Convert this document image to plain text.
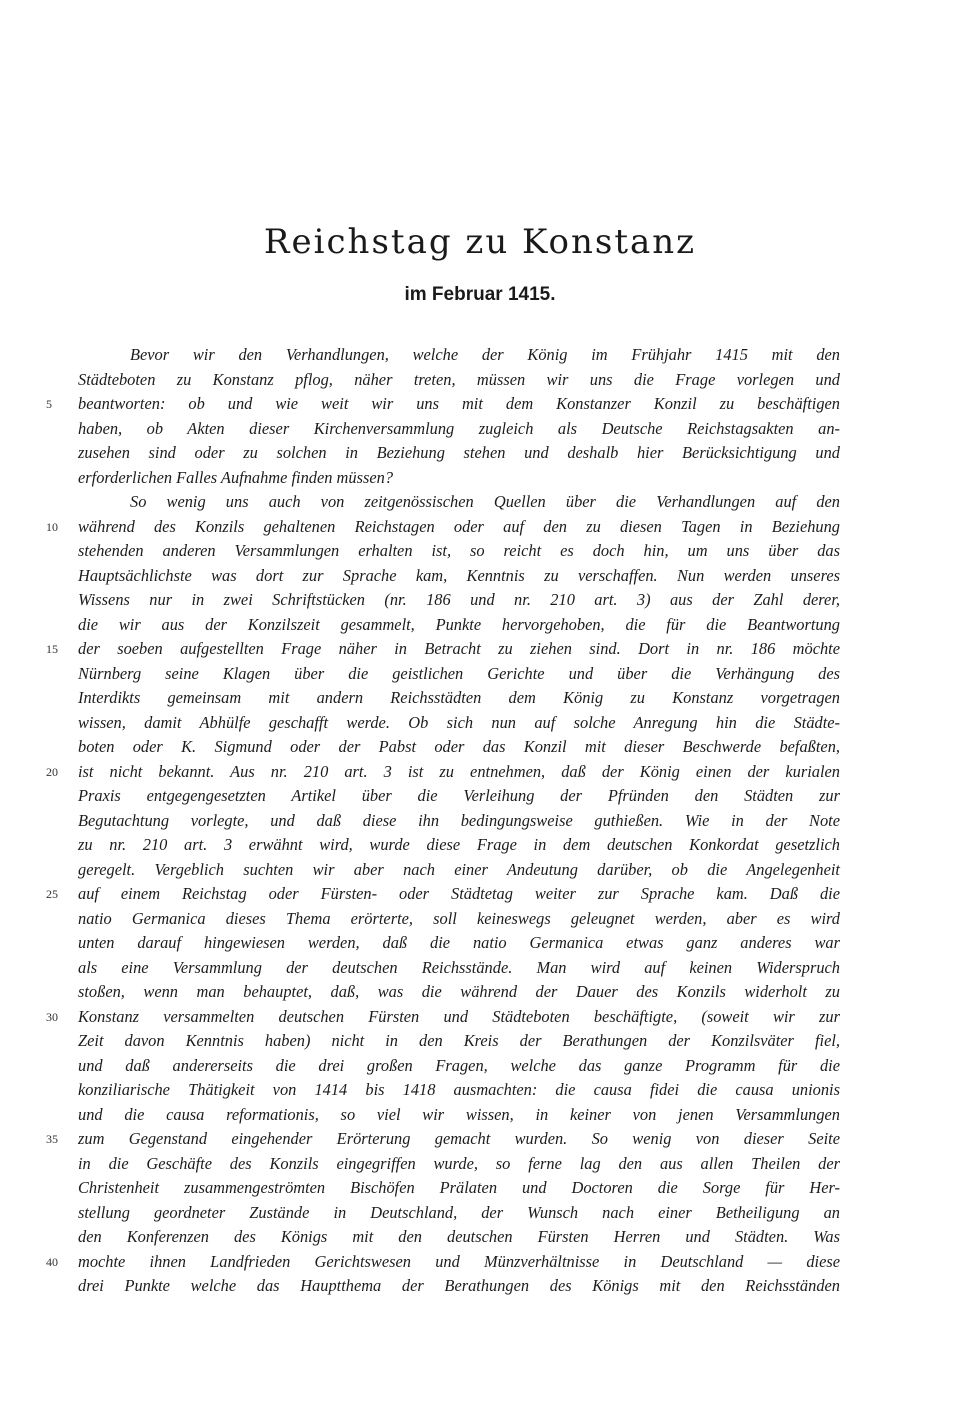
Reichstag zu Konstanz
im Februar 1415.
Bevor wir den Verhandlungen, welche der König im Frühjahr 1415 mit den
Städteboten zu Konstanz pflog, näher treten, müssen wir uns die Frage vorlegen und
5	beantworten: ob und wie weit wir uns mit dem Konstanzer Konzil zu beschäftigen
haben, ob Akten dieser Kirchenversammlung zugleich als Deutsche Reichstagsakten an-
zusehen sind oder zu solchen in Beziehung stehen und deshalb hier Berücksichtigung und
erforderlichen Falles Aufnahme finden müssen?
So wenig uns auch von zeitgenössischen Quellen über die Verhandlungen auf den
10	während des Konzils gehaltenen Reichstagen oder auf den zu diesen Tagen in Beziehung
stehenden anderen Versammlungen erhalten ist, so reicht es doch hin, um uns über das
Hauptsächlichste was dort zur Sprache kam, Kenntnis zu verschaffen. Nun werden unseres
Wissens nur in zwei Schriftstücken (nr. 186 und nr. 210 art. 3) aus der Zahl derer,
die wir aus der Konzilszeit gesammelt, Punkte hervorgehoben, die für die Beantwortung
15	der soeben aufgestellten Frage näher in Betracht zu ziehen sind. Dort in nr. 186 möchte
Nürnberg seine Klagen über die geistlichen Gerichte und über die Verhängung des
Interdikts gemeinsam mit andern Reichsstädten dem König zu Konstanz vorgetragen
wissen, damit Abhülfe geschafft werde. Ob sich nun auf solche Anregung hin die Städte-
boten oder K. Sigmund oder der Pabst oder das Konzil mit dieser Beschwerde befaßten,
20	ist nicht bekannt. Aus nr. 210 art. 3 ist zu entnehmen, daß der König einen der kurialen
Praxis entgegengesetzten Artikel über die Verleihung der Pfründen den Städten zur
Begutachtung vorlegte, und daß diese ihn bedingungsweise guthießen. Wie in der Note
zu nr. 210 art. 3 erwähnt wird, wurde diese Frage in dem deutschen Konkordat gesetzlich
geregelt. Vergeblich suchten wir aber nach einer Andeutung darüber, ob die Angelegenheit
25	auf einem Reichstag oder Fürsten- oder Städtetag weiter zur Sprache kam. Daß die
natio Germanica dieses Thema erörterte, soll keineswegs geleugnet werden, aber es wird
unten darauf hingewiesen werden, daß die natio Germanica etwas ganz anderes war
als eine Versammlung der deutschen Reichsstände. Man wird auf keinen Widerspruch
stoßen, wenn man behauptet, daß, was die während der Dauer des Konzils widerholt zu
30	Konstanz versammelten deutschen Fürsten und Städteboten beschäftigte, (soweit wir zur
Zeit davon Kenntnis haben) nicht in den Kreis der Berathungen der Konzilsväter fiel,
und daß andererseits die drei großen Fragen, welche das ganze Programm für die
konziliarische Thätigkeit von 1414 bis 1418 ausmachten: die causa fidei die causa unionis
und die causa reformationis, so viel wir wissen, in keiner von jenen Versammlungen
35	zum Gegenstand eingehender Erörterung gemacht wurden. So wenig von dieser Seite
in die Geschäfte des Konzils eingegriffen wurde, so ferne lag den aus allen Theilen der
Christenheit zusammengeströmten Bischöfen Prälaten und Doctoren die Sorge für Her-
stellung geordneter Zustände in Deutschland, der Wunsch nach einer Betheiligung an
den Konferenzen des Königs mit den deutschen Fürsten Herren und Städten. Was
40	mochte ihnen Landfrieden Gerichtswesen und Münzverhältnisse in Deutschland — diese
drei Punkte welche das Hauptthema der Berathungen des Königs mit den Reichsständen
